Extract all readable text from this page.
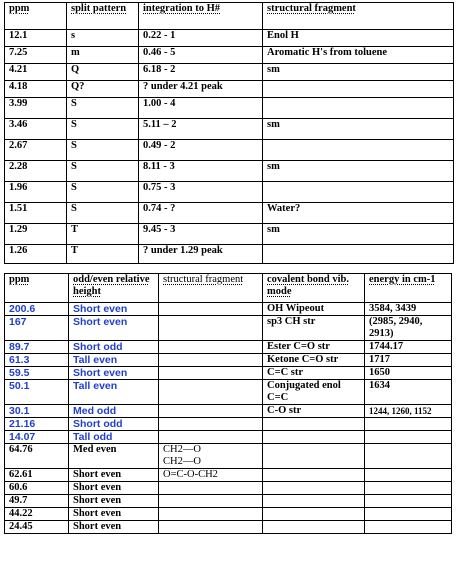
ppm	split pattern	integration to H#	structural fragment
12.1	s	0.22 - 1	Enol H
7.25	m	0.46 - 5	Aromatic H's from toluene
4.21	Q	6.18 - 2	sm
4.18	Q?	? under 4.21 peak	
3.99	S	1.00 - 4	
3.46	S	5.11 – 2	sm
2.67	S	0.49 - 2	
2.28	S	8.11 - 3	sm
1.96	S	0.75 - 3	
1.51	S	0.74 - ?	Water?
1.29	T	9.45 - 3	sm
1.26	T	? under 1.29 peak	
ppm	odd/even relative height	structural fragment	covalent bond vib. mode	energy in cm-1
200.6	Short even		OH Wipeout	3584, 3439
167	Short even		sp3 CH str	(2985, 2940, 2913)
89.7	Short odd		Ester C=O str	1744.17
61.3	Tall even		Ketone C=O str	1717
59.5	Short even		C=C str	1650
50.1	Tall even		Conjugated enol C=C	1634
30.1	Med odd		C-O str	1244, 1260, 1152
21.16	Short odd			
14.07	Tall odd			
64.76	Med even	CH2—O
CH2—O		

62.61	Short even	O=C-O-CH2		
60.6	Short even			
49.7	Short even			
44.22	Short even			
24.45	Short even			
